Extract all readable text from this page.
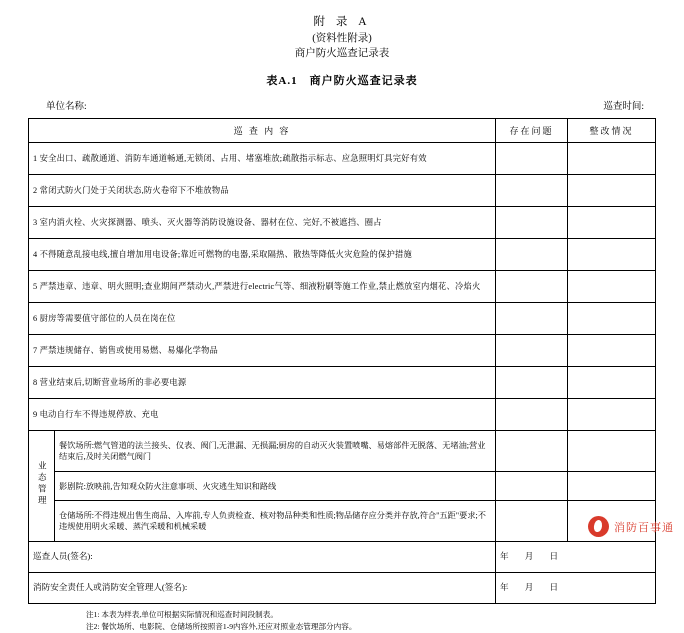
附 录 A
(资料性附录)
商户防火巡查记录表
表A.1　商户防火巡查记录表
单位名称:	巡查时间:
巡 查 内 容		存在问题	整改情况
1 安全出口、疏散通道、消防车通道畅通,无锁闭、占用、堵塞堆放;疏散指示标志、应急照明灯具完好有效			
2 常闭式防火门处于关闭状态,防火卷帘下不堆放物品			
3 室内消火栓、火灾探测器、喷头、灭火器等消防设施设备、器材在位、完好,不被遮挡、圈占			
4 不得随意乱接电线,擅自增加用电设备;靠近可燃物的电器,采取隔热、散热等降低火灾危险的保护措施			
5 严禁违章、违章、明火照明;查业期间严禁动火,严禁进行electric气等、细液粉刷等施工作业,禁止燃放室内烟花、冷焰火			
6 厨房等需要值守部位的人员在岗在位			
7 严禁违规储存、销售或使用易燃、易爆化学物品			
8 营业结束后,切断营业场所的非必要电源			
9 电动自行车不得违规停放、充电			
业态管理	餐饮场所:燃气管道的法兰接头、仪表、阀门,无泄漏、无损漏;厨房的自动灭火装置喷嘴、易熔部件无脱落、无堵油;营业结束后,及时关闭燃气阀门		
	影剧院:放映前,告知观众防火注意事项、火灾逃生知识和路线		
	仓储场所:不得违规出售生商品、入库前,专人负责检查、核对物品种类和性质;物品储存应分类并存放,符合"五距"要求;不违规使用明火采暖、蒸汽采暖和机械采暖		
巡查人员(签名):		年 月 日	
消防安全责任人或消防安全管理人(签名):		年 月 日	
注1: 本表为样表,单位可根据实际情况和巡查时间段制表。
注2: 餐饮场所、电影院、仓储场所按照音1-9内容外,还应对照业态管理部分内容。
消防百事通
